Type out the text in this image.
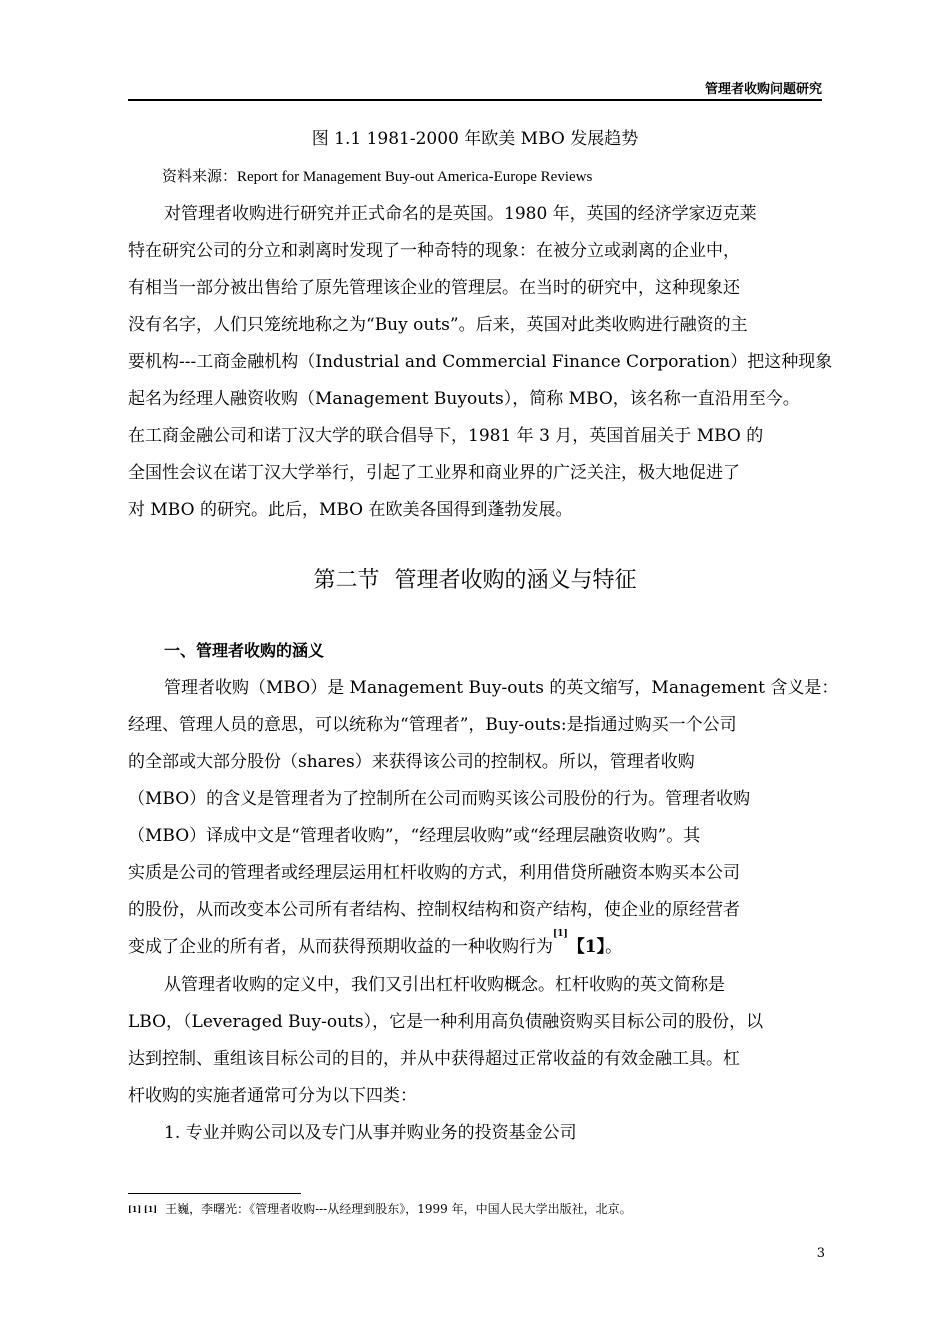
管理者收购问题研究
图 1.1 1981-2000 年欧美 MBO 发展趋势
资料来源：Report for Management Buy-out America-Europe Reviews

对管理者收购进行研究并正式命名的是英国。1980 年，英国的经济学家迈克莱
特在研究公司的分立和剥离时发现了一种奇特的现象：在被分立或剥离的企业中，
有相当一部分被出售给了原先管理该企业的管理层。在当时的研究中，这种现象还
没有名字，人们只笼统地称之为“Buy outs”。后来，英国对此类收购进行融资的主
要机构---工商金融机构（Industrial and Commercial Finance Corporation）把这种现象
起名为经理人融资收购（Management Buyouts），简称 MBO，该名称一直沿用至今。
在工商金融公司和诺丁汉大学的联合倡导下，1981 年 3 月，英国首届关于 MBO 的
全国性会议在诺丁汉大学举行，引起了工业界和商业界的广泛关注，极大地促进了
对 MBO 的研究。此后，MBO 在欧美各国得到蓬勃发展。

第二节 管理者收购的涵义与特征
一、管理者收购的涵义

管理者收购（MBO）是 Management Buy-outs 的英文缩写，Management 含义是：
经理、管理人员的意思，可以统称为“管理者”，Buy-outs:是指通过购买一个公司
的全部或大部分股份（shares）来获得该公司的控制权。所以，管理者收购
（MBO）的含义是管理者为了控制所在公司而购买该公司股份的行为。管理者收购
（MBO）译成中文是“管理者收购”，“经理层收购”或“经理层融资收购”。其
实质是公司的管理者或经理层运用杠杆收购的方式，利用借贷所融资本购买本公司
的股份，从而改变本公司所有者结构、控制权结构和资产结构，使企业的原经营者
变成了企业的所有者，从而获得预期收益的一种收购行为[1]【1】。

从管理者收购的定义中，我们又引出杠杆收购概念。杠杆收购的英文简称是
LBO，（Leveraged Buy-outs），它是一种利用高负债融资购买目标公司的股份，以
达到控制、重组该目标公司的目的，并从中获得超过正常收益的有效金融工具。杠
杆收购的实施者通常可分为以下四类：
1. 专业并购公司以及专门从事并购业务的投资基金公司

[1] [1] 王巍，李曙光：《管理者收购---从经理到股东》，1999 年，中国人民大学出版社，北京。
3
